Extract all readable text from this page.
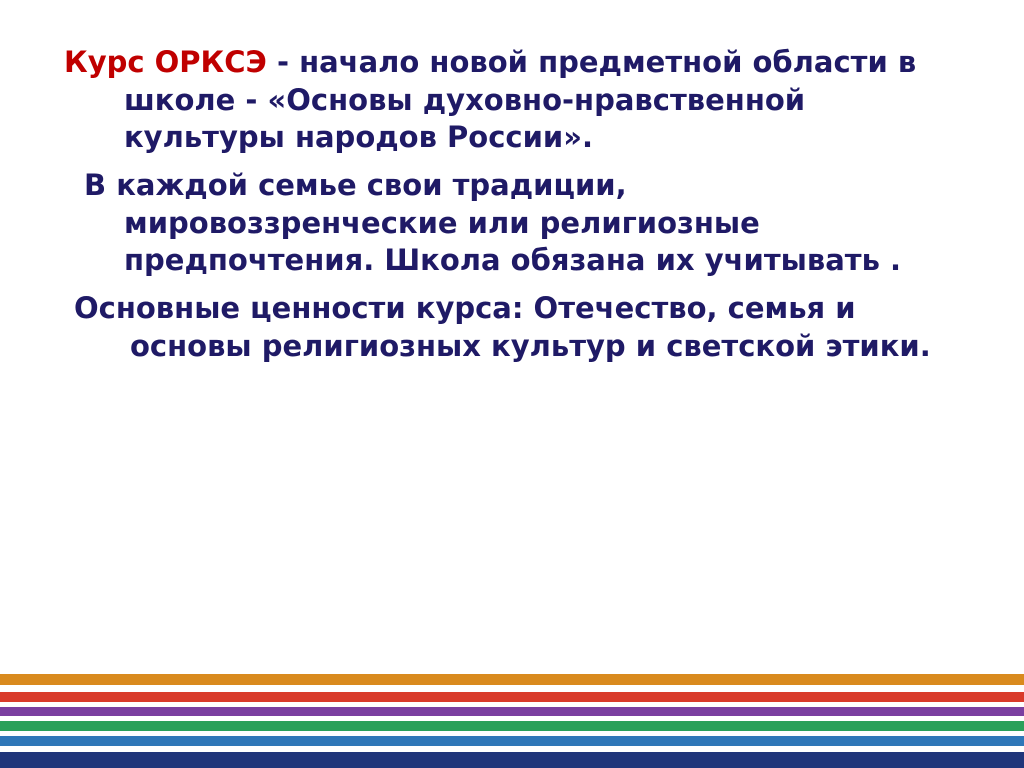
Курс ОРКСЭ - начало новой предметной области в школе - «Основы духовно-нравственной культуры народов России».

В каждой семье свои традиции, мировоззренческие или религиозные предпочтения. Школа обязана их учитывать .

Основные ценности курса: Отечество, семья и основы религиозных культур и светской этики.
